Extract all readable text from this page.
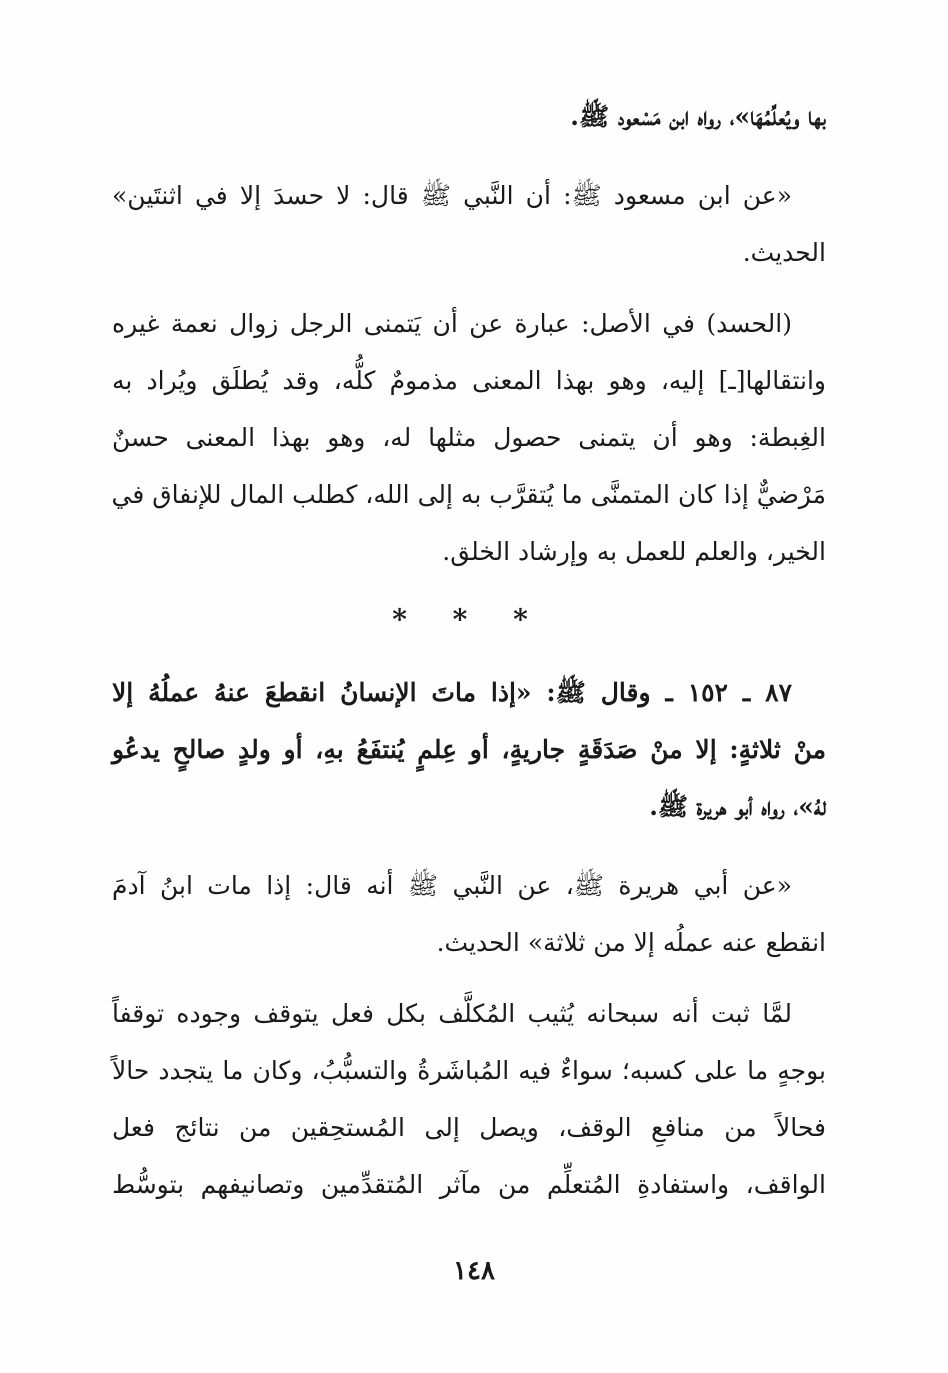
بها ويُعلِّمُهَا»، رواه ابن مَسْعود ﷺ.
«عن ابن مسعود ﷺ: أن النَّبي ﷺ قال: لا حسدَ إلا في اثنتَين»
الحديث.
(الحسد) في الأصل: عبارة عن أن يَتمنى الرجل زوال نعمة غيره
وانتقالها[ـ] إليه، وهو بهذا المعنى مذمومٌ كلُّه، وقد يُطلَق ويُراد به
الغِبطة: وهو أن يتمنى حصول مثلها له، وهو بهذا المعنى حسنٌ
مَرْضيٌّ إذا كان المتمنَّى ما يُتقرَّب به إلى الله، كطلب المال للإنفاق في
الخير، والعلم للعمل به وإرشاد الخلق.
* * *
٨٧ ـ ١٥٢ ـ وقال ﷺ: «إذا ماتَ الإنسانُ انقطعَ عنهُ عملُهُ إلا
منْ ثلاثةٍ: إلا منْ صَدَقَةٍ جاريةٍ، أو عِلمٍ يُنتفَعُ بهِ، أو ولدٍ صالحٍ يدعُو
لهُ»، رواه أبو هريرة ﷺ.
«عن أبي هريرة ﷺ، عن النَّبي ﷺ أنه قال: إذا مات ابنُ آدمَ
انقطع عنه عملُه إلا من ثلاثة» الحديث.
لمَّا ثبت أنه سبحانه يُثيب المُكلَّف بكل فعل يتوقف وجوده توقفاً
بوجهٍ ما على كسبه؛ سواءٌ فيه المُباشَرةُ والتسبُّبُ، وكان ما يتجدد حالاً
فحالاً من منافعِ الوقف، ويصل إلى المُستحِقين من نتائج فعل
الواقف، واستفادةِ المُتعلِّم من مآثر المُتقدِّمين وتصانيفهم بتوسُّط
١٤٨
